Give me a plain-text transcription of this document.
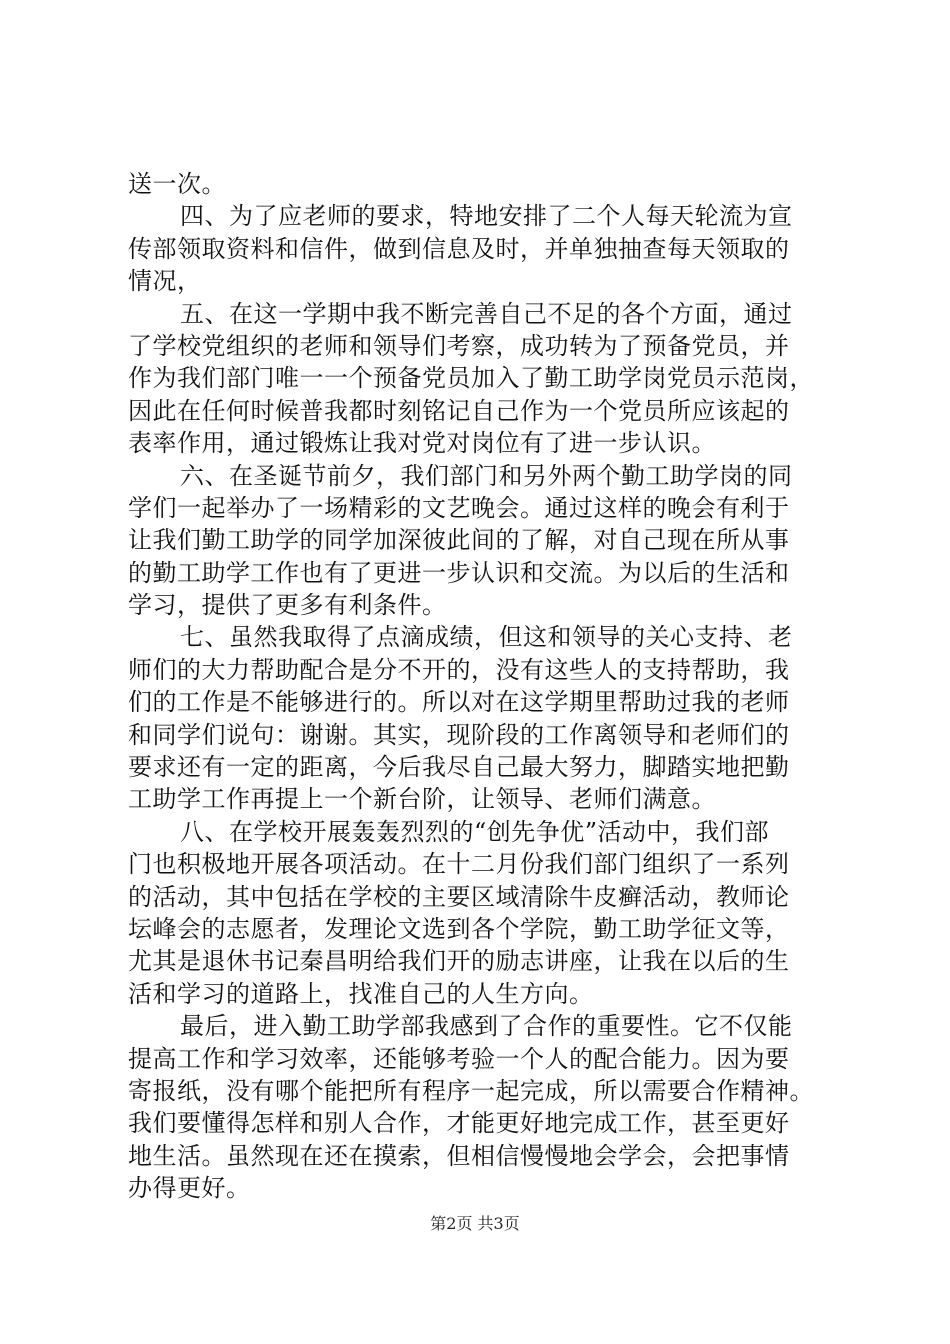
送一次。
四、为了应老师的要求，特地安排了二个人每天轮流为宣
传部领取资料和信件，做到信息及时，并单独抽查每天领取的
情况，
五、在这一学期中我不断完善自己不足的各个方面，通过
了学校党组织的老师和领导们考察，成功转为了预备党员，并
作为我们部门唯一一个预备党员加入了勤工助学岗党员示范岗，
因此在任何时候普我都时刻铭记自己作为一个党员所应该起的
表率作用，通过锻炼让我对党对岗位有了进一步认识。
六、在圣诞节前夕，我们部门和另外两个勤工助学岗的同
学们一起举办了一场精彩的文艺晚会。通过这样的晚会有利于
让我们勤工助学的同学加深彼此间的了解，对自己现在所从事
的勤工助学工作也有了更进一步认识和交流。为以后的生活和
学习，提供了更多有利条件。
七、虽然我取得了点滴成绩，但这和领导的关心支持、老
师们的大力帮助配合是分不开的，没有这些人的支持帮助，我
们的工作是不能够进行的。所以对在这学期里帮助过我的老师
和同学们说句：谢谢。其实，现阶段的工作离领导和老师们的
要求还有一定的距离，今后我尽自己最大努力，脚踏实地把勤
工助学工作再提上一个新台阶，让领导、老师们满意。
八、在学校开展轰轰烈烈的“创先争优”活动中，我们部
门也积极地开展各项活动。在十二月份我们部门组织了一系列
的活动，其中包括在学校的主要区域清除牛皮癣活动，教师论
坛峰会的志愿者，发理论文选到各个学院，勤工助学征文等，
尤其是退休书记秦昌明给我们开的励志讲座，让我在以后的生
活和学习的道路上，找准自己的人生方向。
最后，进入勤工助学部我感到了合作的重要性。它不仅能
提高工作和学习效率，还能够考验一个人的配合能力。因为要
寄报纸，没有哪个能把所有程序一起完成，所以需要合作精神。
我们要懂得怎样和别人合作，才能更好地完成工作，甚至更好
地生活。虽然现在还在摸索，但相信慢慢地会学会，会把事情
办得更好。
第2页 共3页
